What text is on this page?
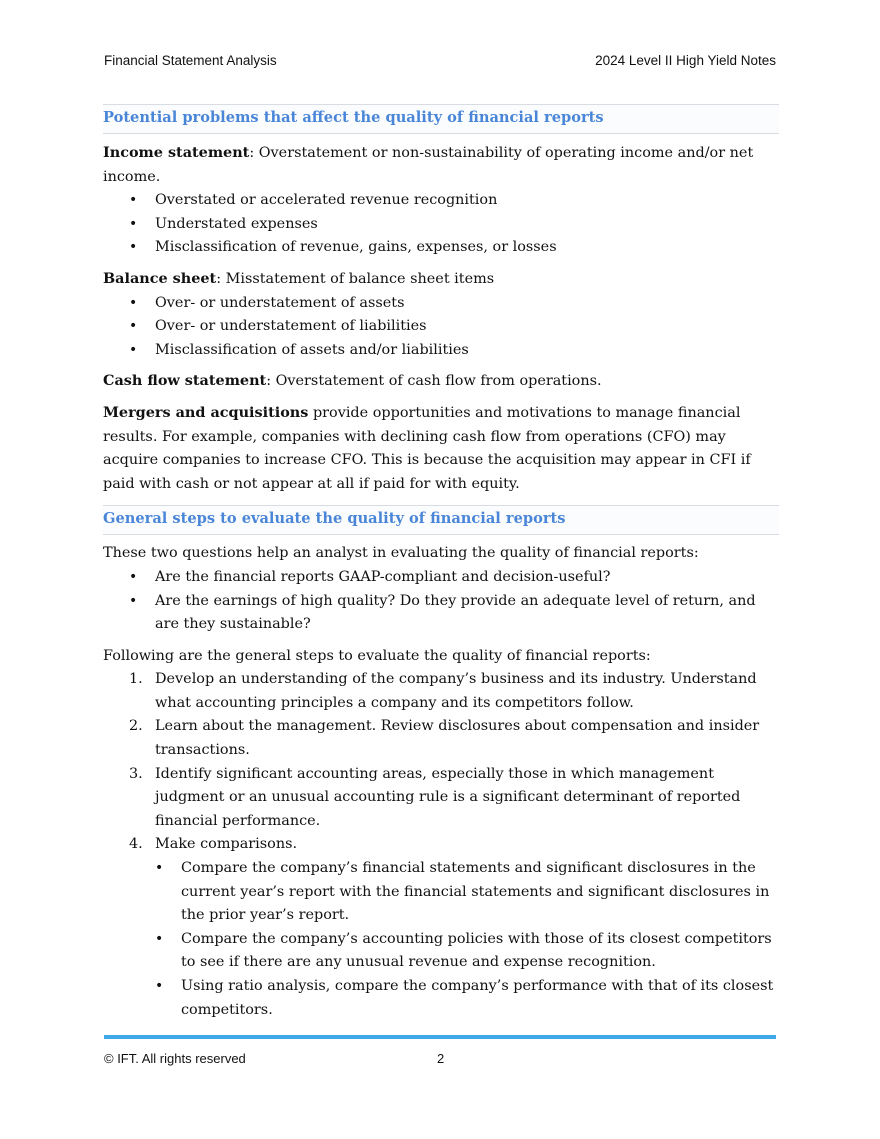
Financial Statement Analysis	2024 Level II High Yield Notes
Potential problems that affect the quality of financial reports

Income statement: Overstatement or non-sustainability of operating income and/or net income.

• Overstated or accelerated revenue recognition
• Understated expenses
• Misclassification of revenue, gains, expenses, or losses

Balance sheet: Misstatement of balance sheet items

• Over- or understatement of assets
• Over- or understatement of liabilities
• Misclassification of assets and/or liabilities

Cash flow statement: Overstatement of cash flow from operations.

Mergers and acquisitions provide opportunities and motivations to manage financial results. For example, companies with declining cash flow from operations (CFO) may acquire companies to increase CFO. This is because the acquisition may appear in CFI if paid with cash or not appear at all if paid for with equity.

General steps to evaluate the quality of financial reports

These two questions help an analyst in evaluating the quality of financial reports:

• Are the financial reports GAAP-compliant and decision-useful?
• Are the earnings of high quality? Do they provide an adequate level of return, and are they sustainable?

Following are the general steps to evaluate the quality of financial reports:

1. Develop an understanding of the company’s business and its industry. Understand what accounting principles a company and its competitors follow.
2. Learn about the management. Review disclosures about compensation and insider transactions.
3. Identify significant accounting areas, especially those in which management judgment or an unusual accounting rule is a significant determinant of reported financial performance.
4. Make comparisons.
• Compare the company’s financial statements and significant disclosures in the current year’s report with the financial statements and significant disclosures in the prior year’s report.
• Compare the company’s accounting policies with those of its closest competitors to see if there are any unusual revenue and expense recognition.
• Using ratio analysis, compare the company’s performance with that of its closest competitors.
© IFT. All rights reserved	2
